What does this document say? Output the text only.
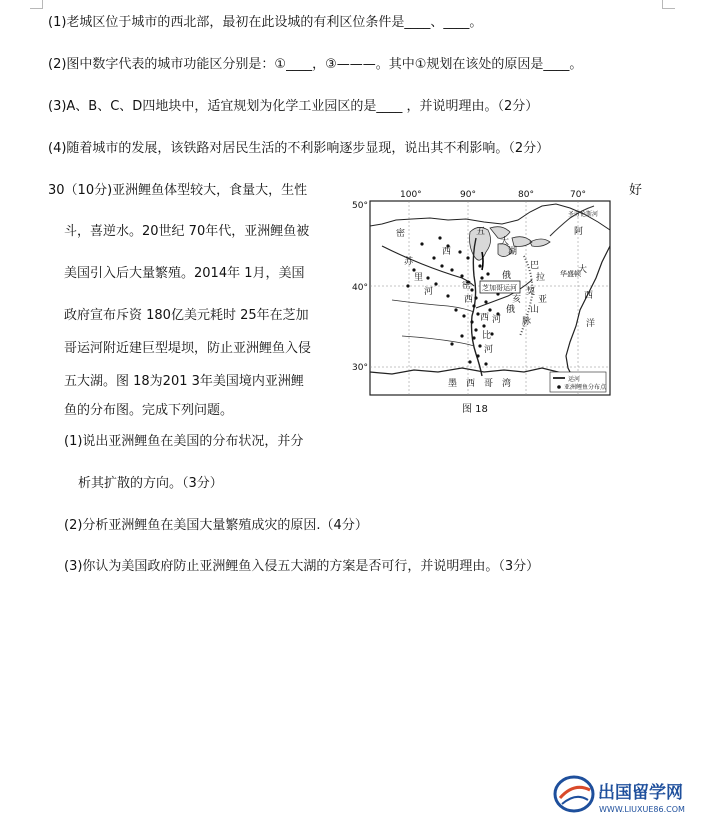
(1)老城区位于城市的西北部，最初在此设城的有利区位条件是____、____。
(2)图中数字代表的城市功能区分别是：①____，③———。其中①规划在该处的原因是____。
(3)A、B、C、D四地块中，适宜规划为化学工业园区的是____ ，并说明理由。（2分）
(4)随着城市的发展，该铁路对居民生活的不利影响逐步显现，说出其不利影响。（2分）
30（10分)亚洲鲤鱼体型较大，食量大，生性	好
斗，喜逆水。20世纪 70年代，亚洲鲤鱼被
美国引入后大量繁殖。2014年 1月，美国
政府宣布斥资 180亿美元耗时 25年在芝加
哥运河附近建巨型堤坝，防止亚洲鲤鱼入侵
五大湖。图 18为201 3年美国境内亚洲鲤
鱼的分布图。完成下列问题。
(1)说出亚洲鲤鱼在美国的分布状况，并分
析其扩散的方向。（3分）
(2)分析亚洲鲤鱼在美国大量繁殖成灾的原因.（4分）
(3)你认为美国政府防止亚洲鲤鱼入侵五大湖的方案是否可行，并说明理由。（3分）
100°	90°	80°	70°
50°
40°
30°
密
苏
里
河
五
大
湖
西
阿
巴
拉
契
亚
山
脉
俄
亥
俄
河
密
西
西
比
河
墨 西 哥 湾
大
西
洋
芝加哥运河
华盛顿
圣劳伦斯河
运河
亚洲鲤鱼分布点
图 18
出国留学网
WWW.LIUXUE86.COM
